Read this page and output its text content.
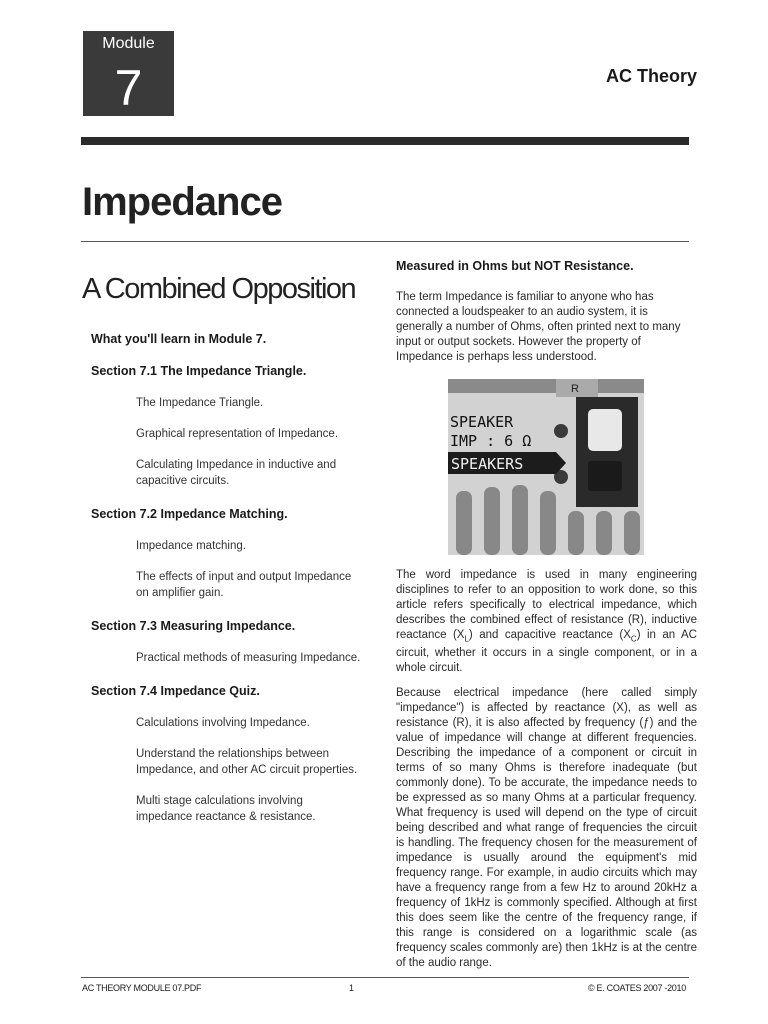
Module
7	AC Theory
Impedance
A Combined Opposition
What you'll learn in Module 7.
Section 7.1 The Impedance Triangle.
The Impedance Triangle.
Graphical representation of Impedance.
Calculating Impedance in inductive and capacitive circuits.
Section 7.2 Impedance Matching.
Impedance matching.
The effects of input and output Impedance on amplifier gain.
Section 7.3 Measuring Impedance.
Practical methods of measuring Impedance.
Section 7.4 Impedance Quiz.
Calculations involving Impedance.
Understand the relationships between Impedance, and other AC circuit properties.
Multi stage calculations involving impedance reactance & resistance.
Measured in Ohms but NOT Resistance.

The term Impedance is familiar to anyone who has connected a loudspeaker to an audio system, it is generally a number of Ohms, often printed next to many input or output sockets. However the property of Impedance is perhaps less understood.

R
SPEAKER
IMP : 6 Ω
SPEAKERS

The word impedance is used in many engineering disciplines to refer to an opposition to work done, so this article refers specifically to electrical impedance, which describes the combined effect of resistance (R), inductive reactance $(X_L)$ and capacitive reactance $(X_C)$ in an AC circuit, whether it occurs in a single component, or in a whole circuit.

Because electrical impedance (here called simply "impedance") is affected by reactance (X), as well as resistance (R), it is also affected by frequency (ƒ) and the value of impedance will change at different frequencies. Describing the impedance of a component or circuit in terms of so many Ohms is therefore inadequate (but commonly done). To be accurate, the impedance needs to be expressed as so many Ohms at a particular frequency. What frequency is used will depend on the type of circuit being described and what range of frequencies the circuit is handling. The frequency chosen for the measurement of impedance is usually around the equipment's mid frequency range. For example, in audio circuits which may have a frequency range from a few Hz to around 20kHz a frequency of 1kHz is commonly specified. Although at first this does seem like the centre of the frequency range, if this range is considered on a logarithmic scale (as frequency scales commonly are) then 1kHz is at the centre of the audio range.

AC THEORY MODULE 07.PDF	1	© E. COATES 2007 -2010
